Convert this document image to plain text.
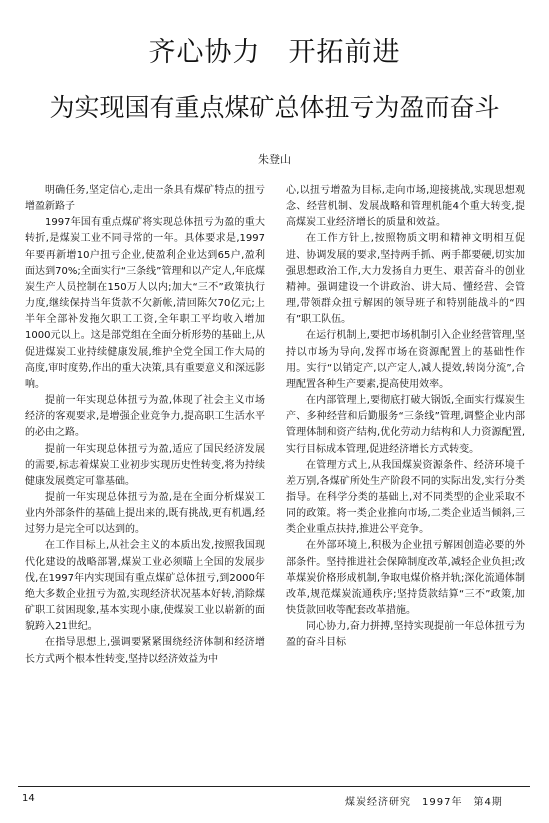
齐心协力　开拓前进
为实现国有重点煤矿总体扭亏为盈而奋斗
朱登山

明确任务,坚定信心,走出一条具有煤矿特点的扭亏增盈新路子

1997年国有重点煤矿将实现总体扭亏为盈的重大转折,是煤炭工业不同寻常的一年。具体要求是,1997年要再新增10户扭亏企业,使盈利企业达到65户,盈利面达到70%;全面实行“三条线”管理和以产定人,年底煤炭生产人员控制在150万人以内;加大“三不”政策执行力度,继续保持当年货款不欠新帐,清回陈欠70亿元;上半年全部补发拖欠职工工资,全年职工平均收入增加1000元以上。这是部党组在全面分析形势的基础上,从促进煤炭工业持续健康发展,维护全党全国工作大局的高度,审时度势,作出的重大决策,具有重要意义和深远影响。

提前一年实现总体扭亏为盈,体现了社会主义市场经济的客观要求,是增强企业竞争力,提高职工生活水平的必由之路。

提前一年实现总体扭亏为盈,适应了国民经济发展的需要,标志着煤炭工业初步实现历史性转变,将为持续健康发展奠定可靠基础。

提前一年实现总体扭亏为盈,是在全面分析煤炭工业内外部条件的基础上提出来的,既有挑战,更有机遇,经过努力是完全可以达到的。

在工作目标上,从社会主义的本质出发,按照我国现代化建设的战略部署,煤炭工业必须瞄上全国的发展步伐,在1997年内实现国有重点煤矿总体扭亏,到2000年绝大多数企业扭亏为盈,实现经济状况基本好转,消除煤矿职工贫困现象,基本实现小康,使煤炭工业以崭新的面貌跨入21世纪。

在指导思想上,强调要紧紧围绕经济体制和经济增长方式两个根本性转变,坚持以经济效益为中

心,以扭亏增盈为目标,走向市场,迎接挑战,实现思想观念、经营机制、发展战略和管理机能4个重大转变,提高煤炭工业经济增长的质量和效益。

在工作方针上,按照物质文明和精神文明相互促进、协调发展的要求,坚持两手抓、两手都要硬,切实加强思想政治工作,大力发扬自力更生、艰苦奋斗的创业精神。强调建设一个讲政治、讲大局、懂经营、会管理,带领群众扭亏解困的领导班子和特别能战斗的“四有”职工队伍。

在运行机制上,要把市场机制引入企业经营管理,坚持以市场为导向,发挥市场在资源配置上的基础性作用。实行“以销定产,以产定人,减人提效,转岗分流”,合理配置各种生产要素,提高使用效率。

在内部管理上,要彻底打破大锅饭,全面实行煤炭生产、多种经营和后勤服务“三条线”管理,调整企业内部管理体制和资产结构,优化劳动力结构和人力资源配置,实行目标成本管理,促进经济增长方式转变。

在管理方式上,从我国煤炭资源条件、经济环境千差万别,各煤矿所处生产阶段不同的实际出发,实行分类指导。在科学分类的基础上,对不同类型的企业采取不同的政策。将一类企业推向市场,二类企业适当倾斜,三类企业重点扶持,推进公平竞争。

在外部环境上,积极为企业扭亏解困创造必要的外部条件。坚持推进社会保障制度改革,减轻企业负担;改革煤炭价格形成机制,争取电煤价格并轨;深化流通体制改革,规范煤炭流通秩序;坚持货款结算“三不”政策,加快货款回收等配套改革措施。

同心协力,奋力拼搏,坚持实现提前一年总体扭亏为盈的奋斗目标

14	煤炭经济研究　1997年　第4期
